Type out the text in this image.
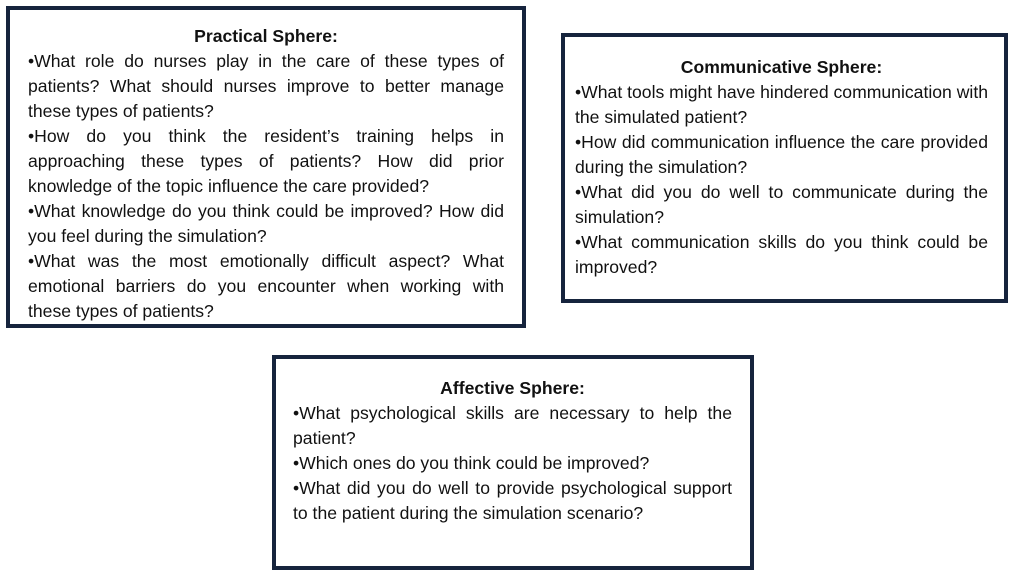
Practical Sphere:
•What role do nurses play in the care of these types of patients? What should nurses improve to better manage these types of patients?
•How do you think the resident’s training helps in approaching these types of patients? How did prior knowledge of the topic influence the care provided?
•What knowledge do you think could be improved? How did you feel during the simulation?
•What was the most emotionally difficult aspect? What emotional barriers do you encounter when working with these types of patients?
Communicative Sphere:
•What tools might have hindered communication with the simulated patient?
•How did communication influence the care provided during the simulation?
•What did you do well to communicate during the simulation?
•What communication skills do you think could be improved?
Affective Sphere:
•What psychological skills are necessary to help the patient?
•Which ones do you think could be improved?
•What did you do well to provide psychological support to the patient during the simulation scenario?
